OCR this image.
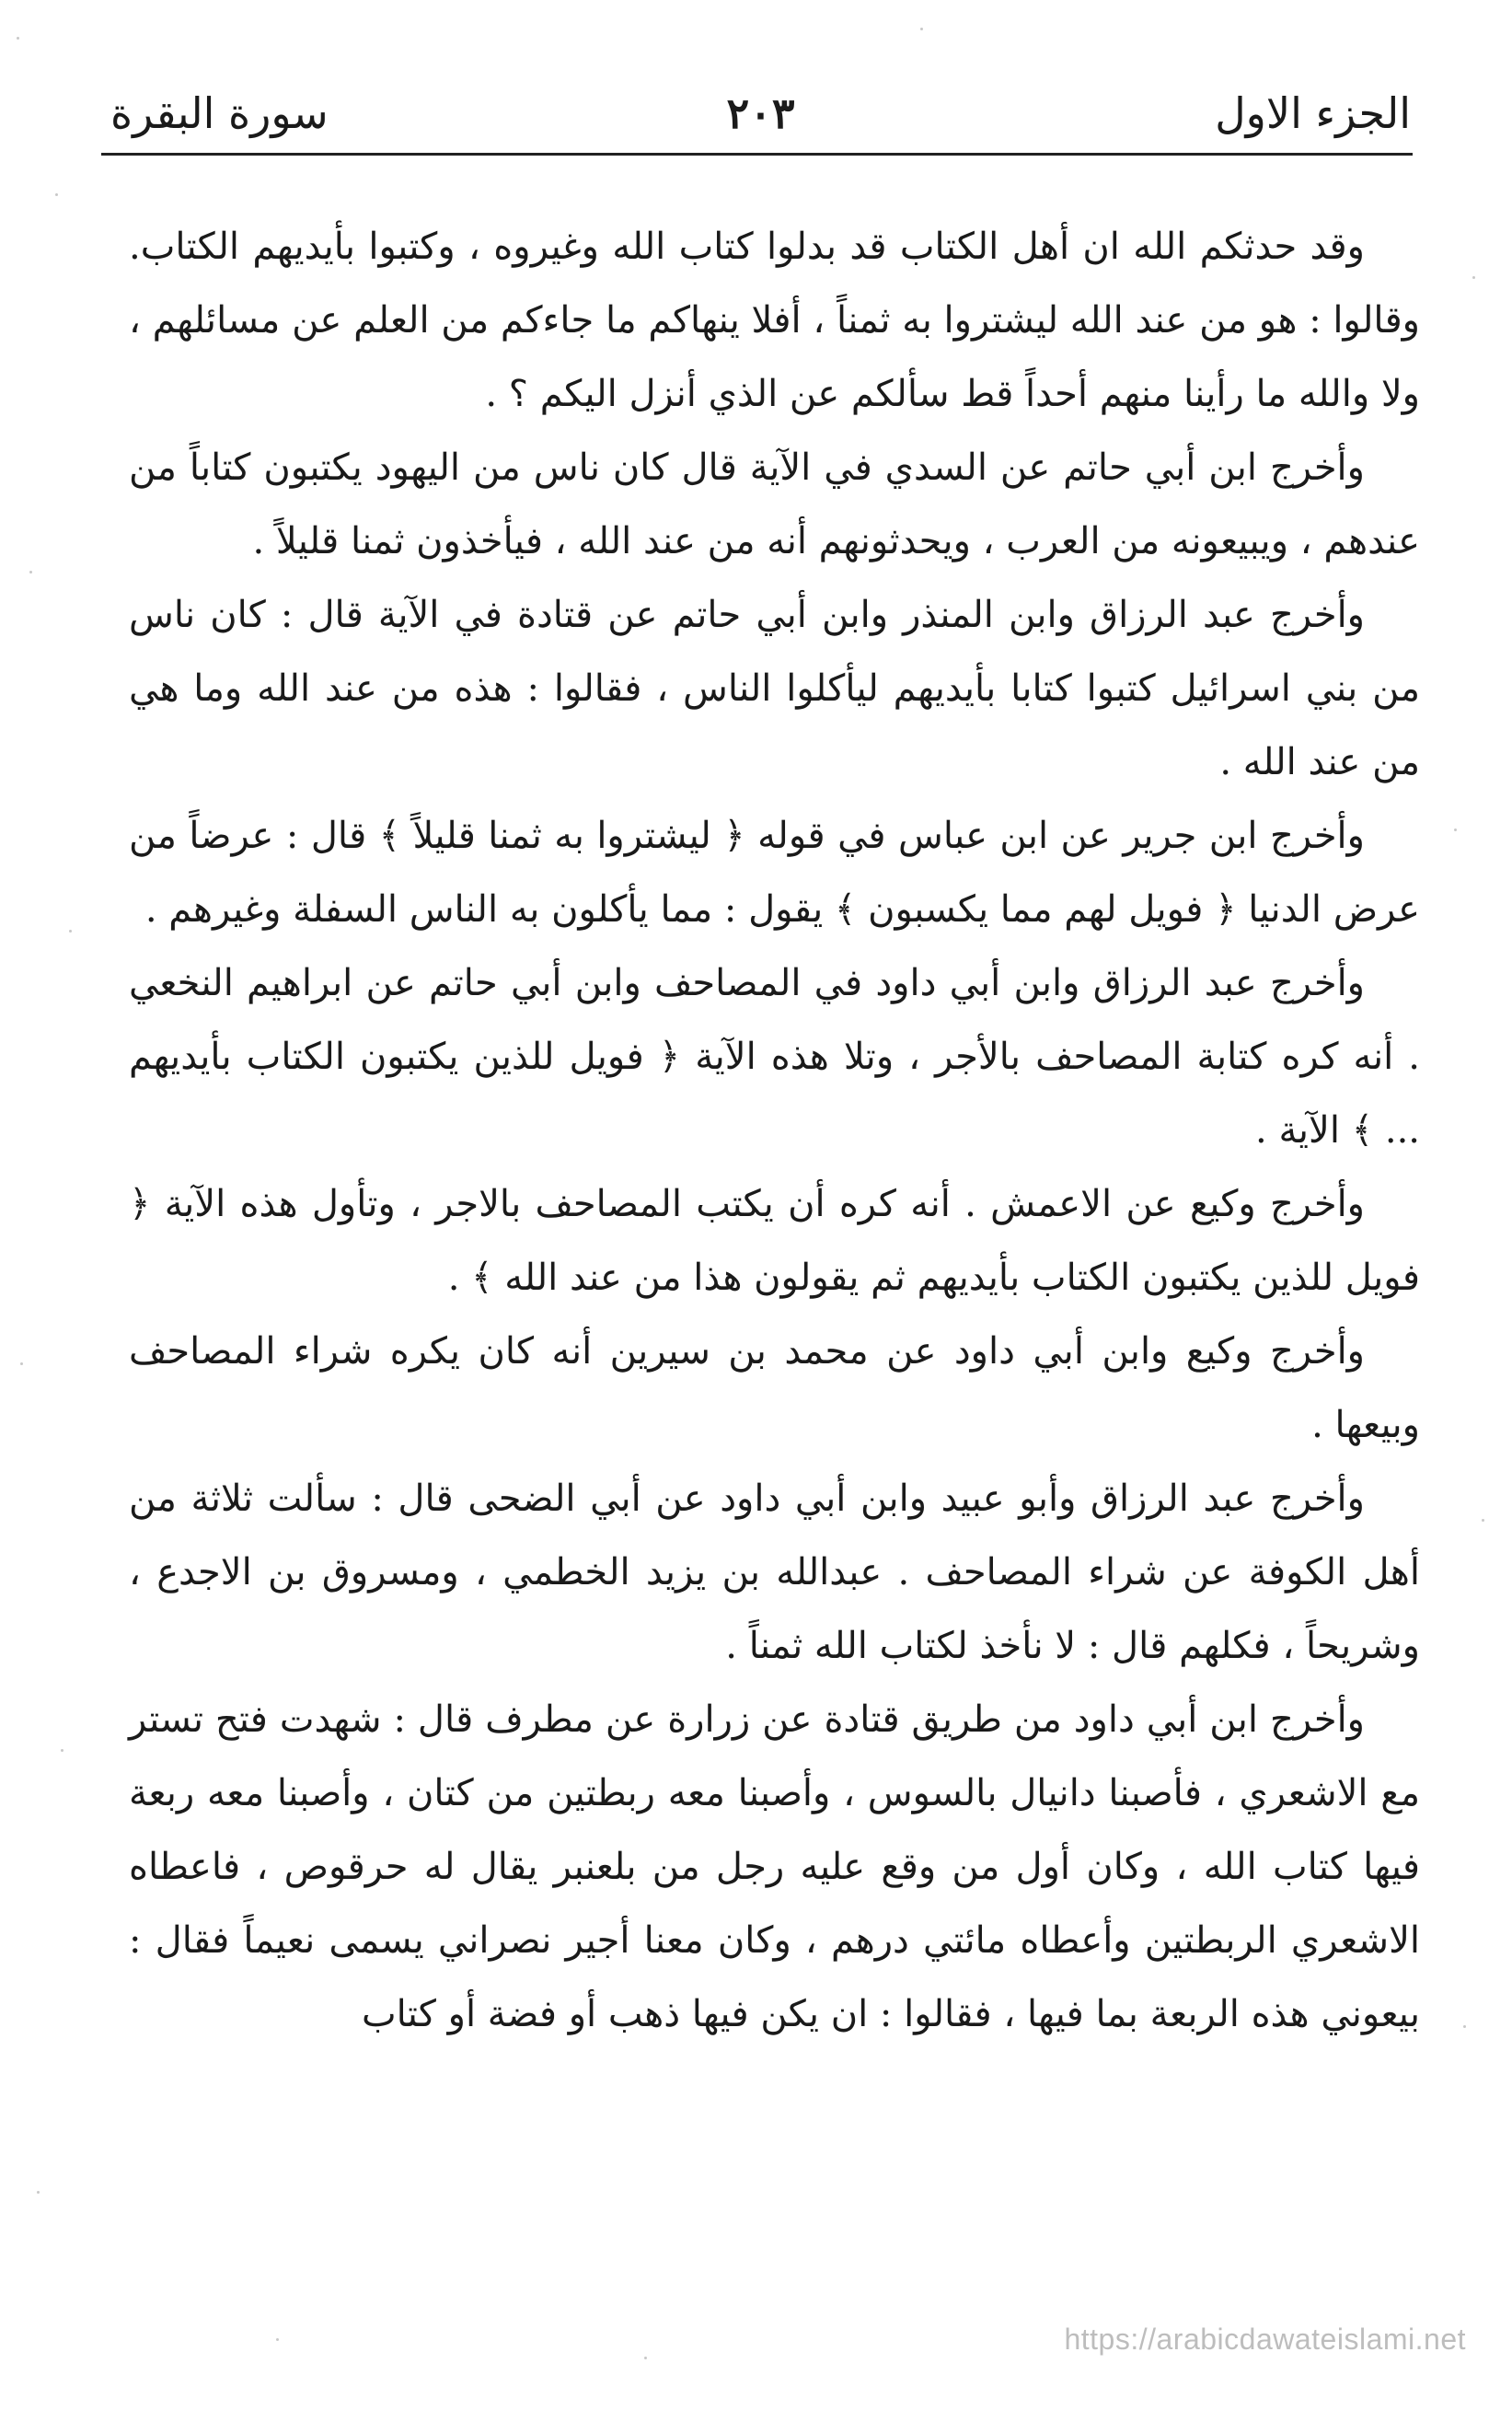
الجزء الاول
٢٠٣
سورة البقرة

وقد حدثكم الله ان أهل الكتاب قد بدلوا كتاب الله وغيروه ، وكتبوا بأيديهم الكتاب. وقالوا : هو من عند الله ليشتروا به ثمناً ، أفلا ينهاكم ما جاءكم من العلم عن مسائلهم ، ولا والله ما رأينا منهم أحداً قط سألكم عن الذي أنزل اليكم ؟ .

وأخرج ابن أبي حاتم عن السدي في الآية قال كان ناس من اليهود يكتبون كتاباً من عندهم ، ويبيعونه من العرب ، ويحدثونهم أنه من عند الله ، فيأخذون ثمنا قليلاً .

وأخرج عبد الرزاق وابن المنذر وابن أبي حاتم عن قتادة في الآية قال : كان ناس من بني اسرائيل كتبوا كتابا بأيديهم ليأكلوا الناس ، فقالوا : هذه من عند الله وما هي من عند الله .

وأخرج ابن جرير عن ابن عباس في قوله ﴿ ليشتروا به ثمنا قليلاً ﴾ قال : عرضاً من عرض الدنيا ﴿ فويل لهم مما يكسبون ﴾ يقول : مما يأكلون به الناس السفلة وغيرهم .

وأخرج عبد الرزاق وابن أبي داود في المصاحف وابن أبي حاتم عن ابراهيم النخعي . أنه كره كتابة المصاحف بالأجر ، وتلا هذه الآية ﴿ فويل للذين يكتبون الكتاب بأيديهم ... ﴾ الآية .

وأخرج وكيع عن الاعمش . أنه كره أن يكتب المصاحف بالاجر ، وتأول هذه الآية ﴿ فويل للذين يكتبون الكتاب بأيديهم ثم يقولون هذا من عند الله ﴾ .

وأخرج وكيع وابن أبي داود عن محمد بن سيرين أنه كان يكره شراء المصاحف وبيعها .

وأخرج عبد الرزاق وأبو عبيد وابن أبي داود عن أبي الضحى قال : سألت ثلاثة من أهل الكوفة عن شراء المصاحف . عبدالله بن يزيد الخطمي ، ومسروق بن الاجدع ، وشريحاً ، فكلهم قال : لا نأخذ لكتاب الله ثمناً .

وأخرج ابن أبي داود من طريق قتادة عن زرارة عن مطرف قال : شهدت فتح تستر مع الاشعري ، فأصبنا دانيال بالسوس ، وأصبنا معه ربطتين من كتان ، وأصبنا معه ربعة فيها كتاب الله ، وكان أول من وقع عليه رجل من بلعنبر يقال له حرقوص ، فاعطاه الاشعري الربطتين وأعطاه مائتي درهم ، وكان معنا أجير نصراني يسمى نعيماً فقال : بيعوني هذه الربعة بما فيها ، فقالوا : ان يكن فيها ذهب أو فضة أو كتاب

https://arabicdawateislami.net
